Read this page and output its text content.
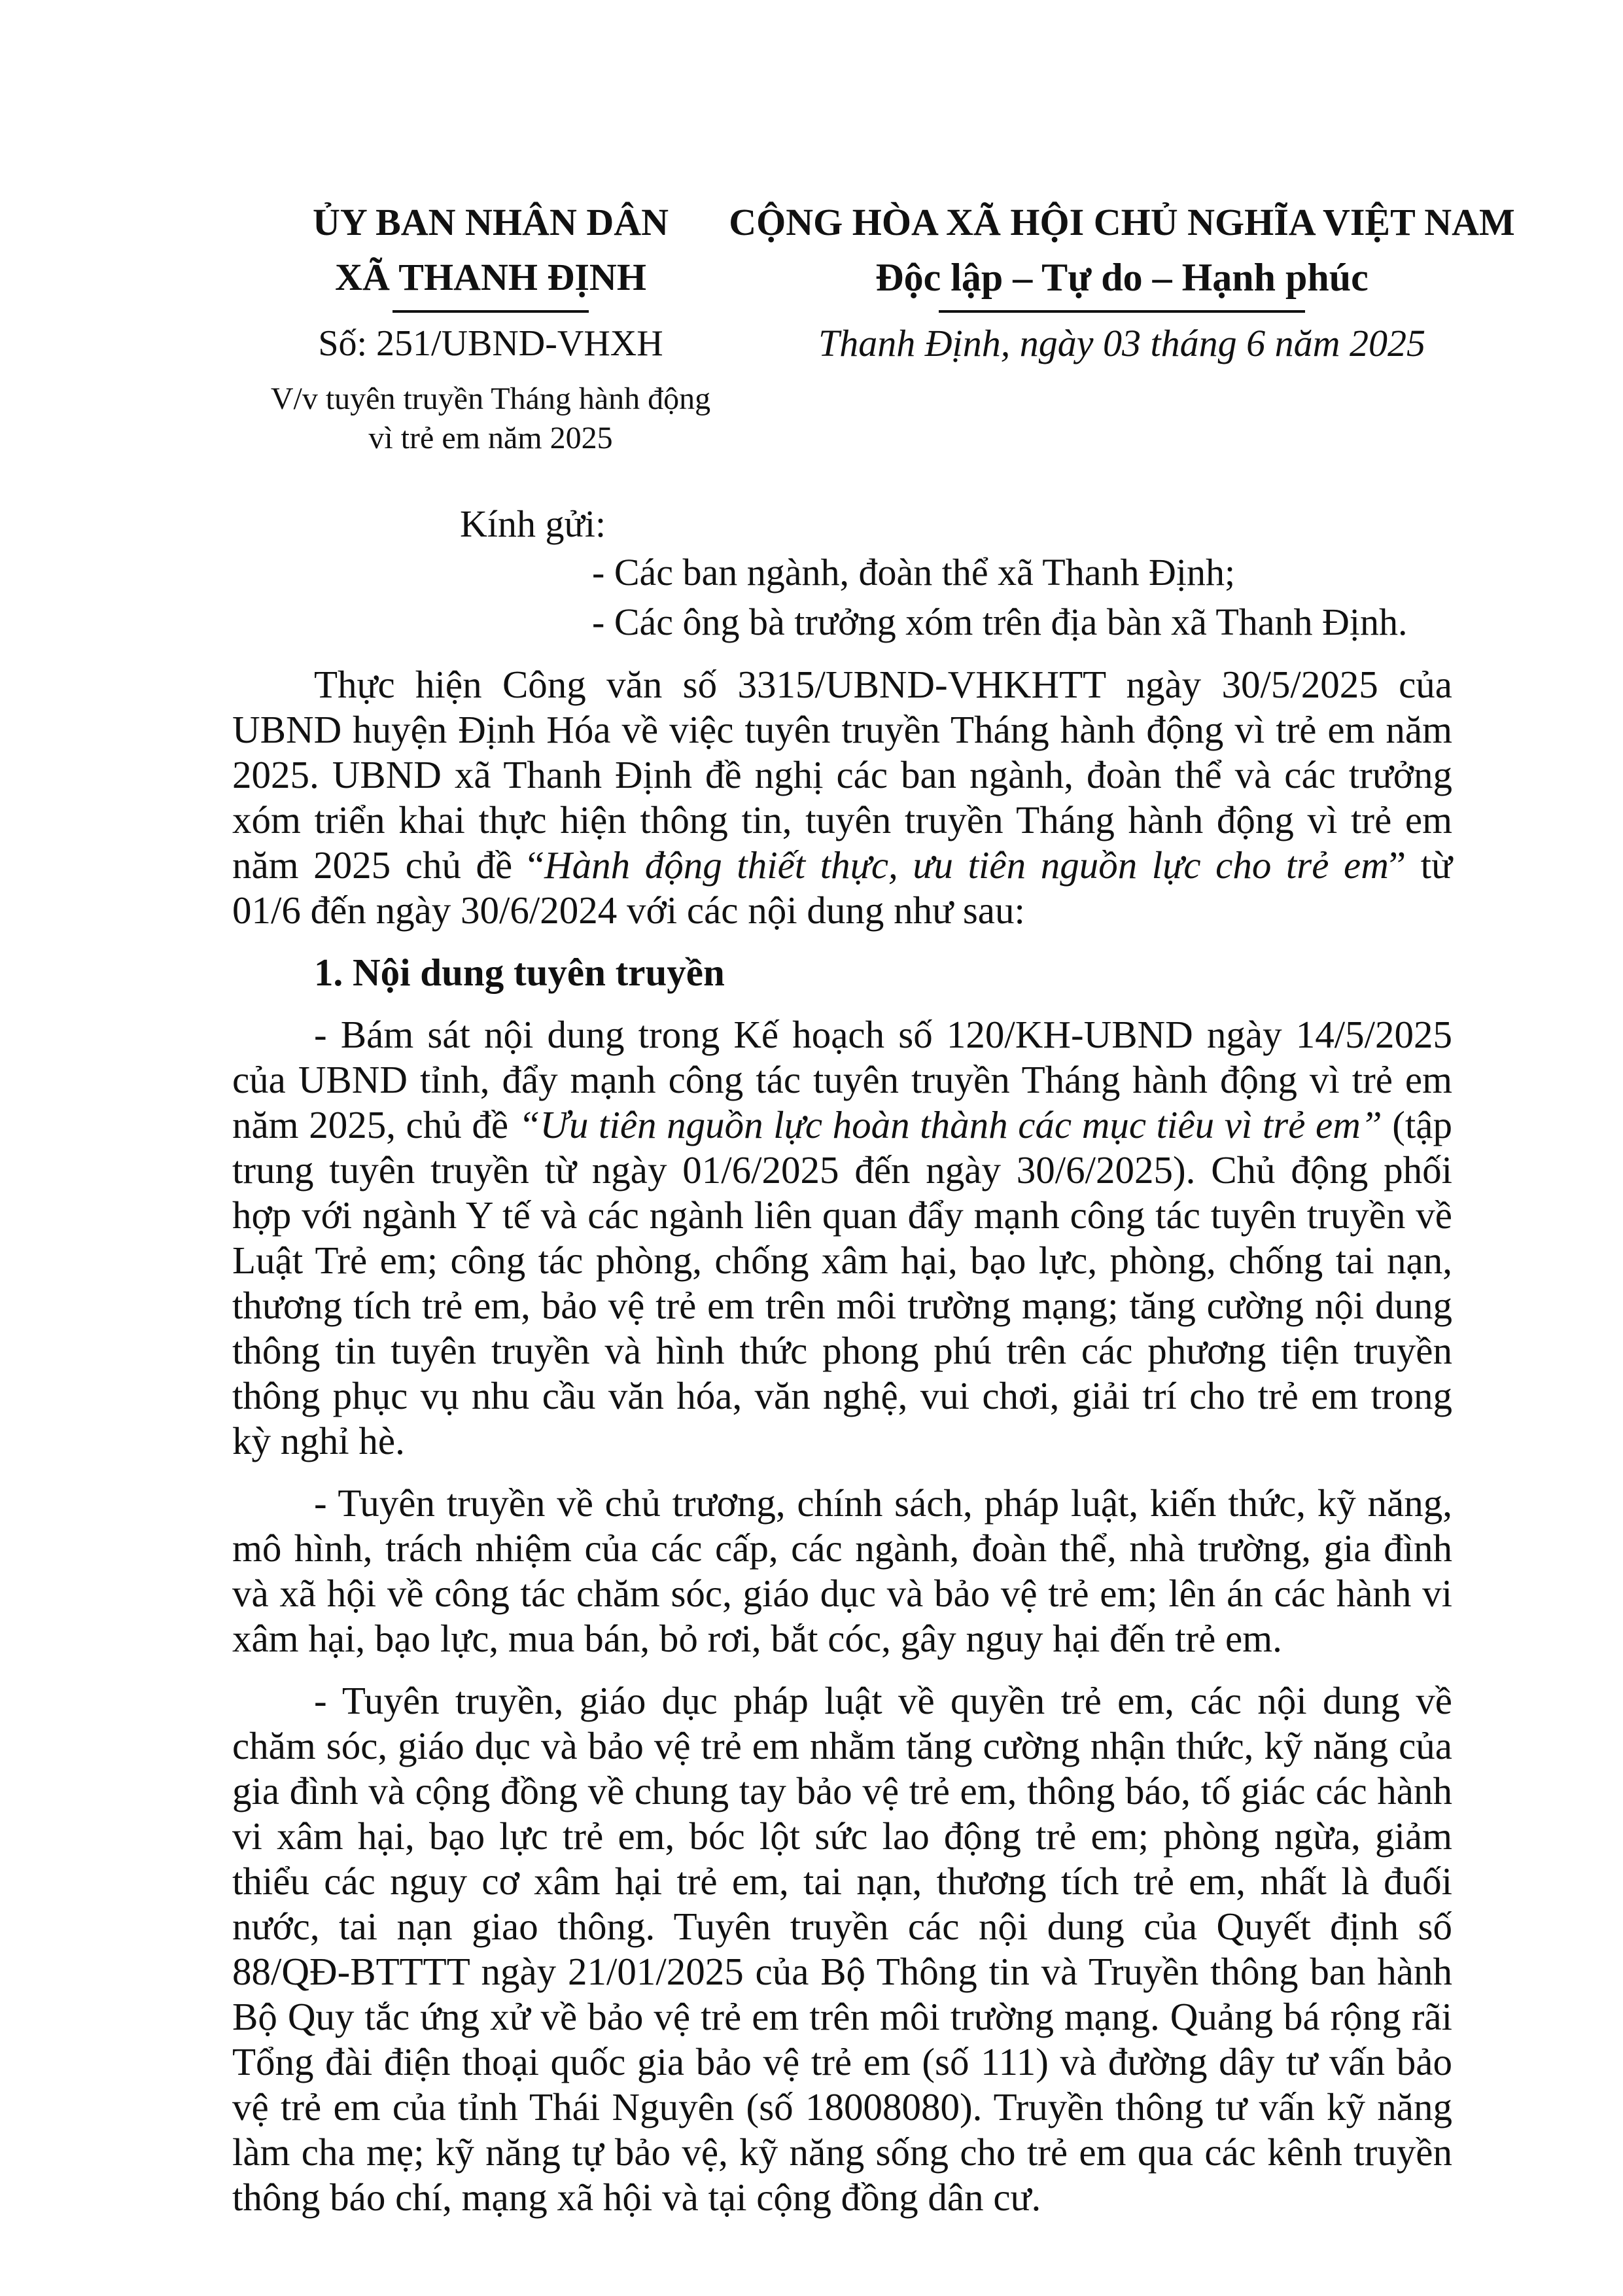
ỦY BAN NHÂN DÂN
XÃ THANH ĐỊNH
CỘNG HÒA XÃ HỘI CHỦ NGHĨA VIỆT NAM
Độc lập – Tự do – Hạnh phúc
Số: 251/UBND-VHXH	Thanh Định, ngày 03 tháng 6 năm 2025
V/v tuyên truyền Tháng hành động
vì trẻ em năm 2025
Kính gửi:
- Các ban ngành, đoàn thể xã Thanh Định;
- Các ông bà trưởng xóm trên địa bàn xã Thanh Định.

Thực hiện Công văn số 3315/UBND-VHKHTT ngày 30/5/2025 của UBND huyện Định Hóa về việc tuyên truyền Tháng hành động vì trẻ em năm 2025. UBND xã Thanh Định đề nghị các ban ngành, đoàn thể và các trưởng xóm triển khai thực hiện thông tin, tuyên truyền Tháng hành động vì trẻ em năm 2025 chủ đề “Hành động thiết thực, ưu tiên nguồn lực cho trẻ em” từ 01/6 đến ngày 30/6/2024 với các nội dung như sau:

1. Nội dung tuyên truyền

- Bám sát nội dung trong Kế hoạch số 120/KH-UBND ngày 14/5/2025 của UBND tỉnh, đẩy mạnh công tác tuyên truyền Tháng hành động vì trẻ em năm 2025, chủ đề “Ưu tiên nguồn lực hoàn thành các mục tiêu vì trẻ em” (tập trung tuyên truyền từ ngày 01/6/2025 đến ngày 30/6/2025). Chủ động phối hợp với ngành Y tế và các ngành liên quan đẩy mạnh công tác tuyên truyền về Luật Trẻ em; công tác phòng, chống xâm hại, bạo lực, phòng, chống tai nạn, thương tích trẻ em, bảo vệ trẻ em trên môi trường mạng; tăng cường nội dung thông tin tuyên truyền và hình thức phong phú trên các phương tiện truyền thông phục vụ nhu cầu văn hóa, văn nghệ, vui chơi, giải trí cho trẻ em trong kỳ nghỉ hè.

- Tuyên truyền về chủ trương, chính sách, pháp luật, kiến thức, kỹ năng, mô hình, trách nhiệm của các cấp, các ngành, đoàn thể, nhà trường, gia đình và xã hội về công tác chăm sóc, giáo dục và bảo vệ trẻ em; lên án các hành vi xâm hại, bạo lực, mua bán, bỏ rơi, bắt cóc, gây nguy hại đến trẻ em.

- Tuyên truyền, giáo dục pháp luật về quyền trẻ em, các nội dung về chăm sóc, giáo dục và bảo vệ trẻ em nhằm tăng cường nhận thức, kỹ năng của gia đình và cộng đồng về chung tay bảo vệ trẻ em, thông báo, tố giác các hành vi xâm hại, bạo lực trẻ em, bóc lột sức lao động trẻ em; phòng ngừa, giảm thiểu các nguy cơ xâm hại trẻ em, tai nạn, thương tích trẻ em, nhất là đuối nước, tai nạn giao thông. Tuyên truyền các nội dung của Quyết định số 88/QĐ-BTTTT ngày 21/01/2025 của Bộ Thông tin và Truyền thông ban hành Bộ Quy tắc ứng xử về bảo vệ trẻ em trên môi trường mạng. Quảng bá rộng rãi Tổng đài điện thoại quốc gia bảo vệ trẻ em (số 111) và đường dây tư vấn bảo vệ trẻ em của tỉnh Thái Nguyên (số 18008080). Truyền thông tư vấn kỹ năng làm cha mẹ; kỹ năng tự bảo vệ, kỹ năng sống cho trẻ em qua các kênh truyền thông báo chí, mạng xã hội và tại cộng đồng dân cư.
